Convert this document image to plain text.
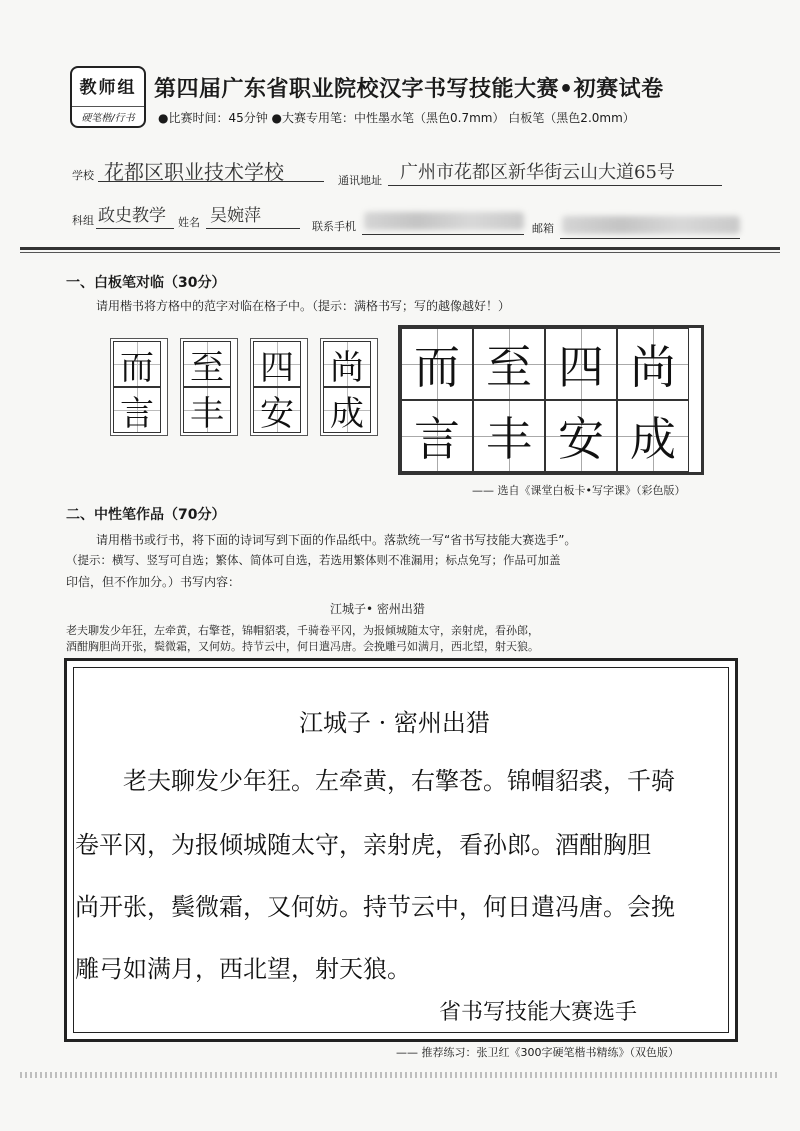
教师组
硬笔楷/行书
第四届广东省职业院校汉字书写技能大赛•初赛试卷
●比赛时间：45分钟 ●大赛专用笔：中性墨水笔（黑色0.7mm） 白板笔（黑色2.0mm）
学校 花都区职业技术学校	通讯地址 广州市花都区新华街云山大道65号
科组 政史教学 姓名 吴婉萍
联系手机	邮箱
一、白板笔对临（30分）
请用楷书将方格中的范字对临在格子中。（提示：满格书写；写的越像越好！）
而
言
至
丰
四
安
尚
成
而 至 四 尚
言 丰 安 成
—— 选自《课堂白板卡•写字课》（彩色版）
二、中性笔作品（70分）
请用楷书或行书，将下面的诗词写到下面的作品纸中。落款统一写“省书写技能大赛选手”。
（提示：横写、竖写可自选；繁体、简体可自选，若选用繁体则不准漏用；标点免写；作品可加盖
印信，但不作加分。）书写内容：
江城子• 密州出猎
老夫聊发少年狂，左牵黄，右擎苍，锦帽貂裘，千骑卷平冈，为报倾城随太守，亲射虎，看孙郎，
酒酣胸胆尚开张，鬓微霜，又何妨。持节云中，何日遣冯唐。会挽雕弓如满月，西北望，射天狼。
江城子 · 密州出猎
老夫聊发少年狂。左牵黄，右擎苍。锦帽貂裘，千骑
卷平冈，为报倾城随太守，亲射虎，看孙郎。酒酣胸胆
尚开张，鬓微霜，又何妨。持节云中，何日遣冯唐。会挽
雕弓如满月，西北望，射天狼。
省书写技能大赛选手
—— 推荐练习：张卫红《300字硬笔楷书精练》（双色版）
